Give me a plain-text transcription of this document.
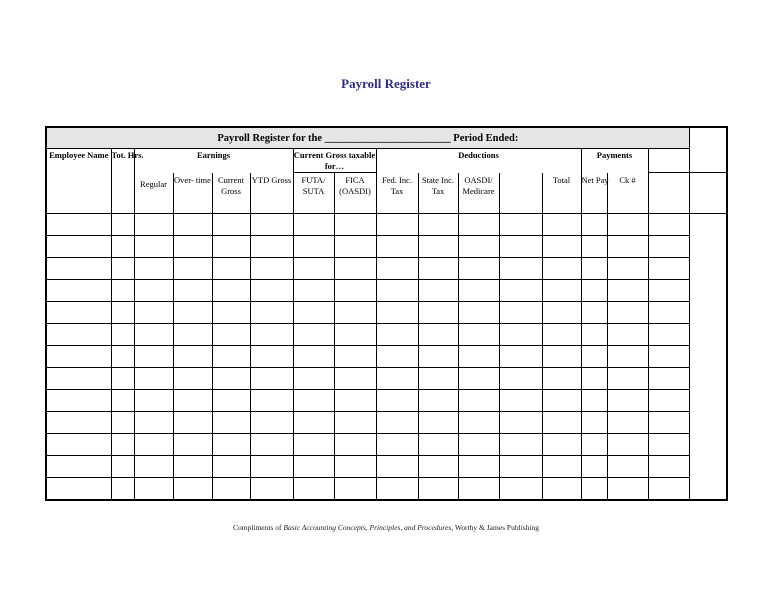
Payroll Register
Payroll Register for the ________________________ Period Ended:																
Employee Name	Tot. Hrs.	Earnings				Current Gross taxable for…		Deductions					Payments			
		Regular	Over- time	Current Gross	YTD Gross	FUTA/ SUTA	FICA (OASDI)	Fed. Inc. Tax	State Inc. Tax	OASDI/ Medicare		Total	Net Pay	Ck #		

Compliments of Basic Accounting Concepts, Principles, and Procedures, Worthy & James Publishing
